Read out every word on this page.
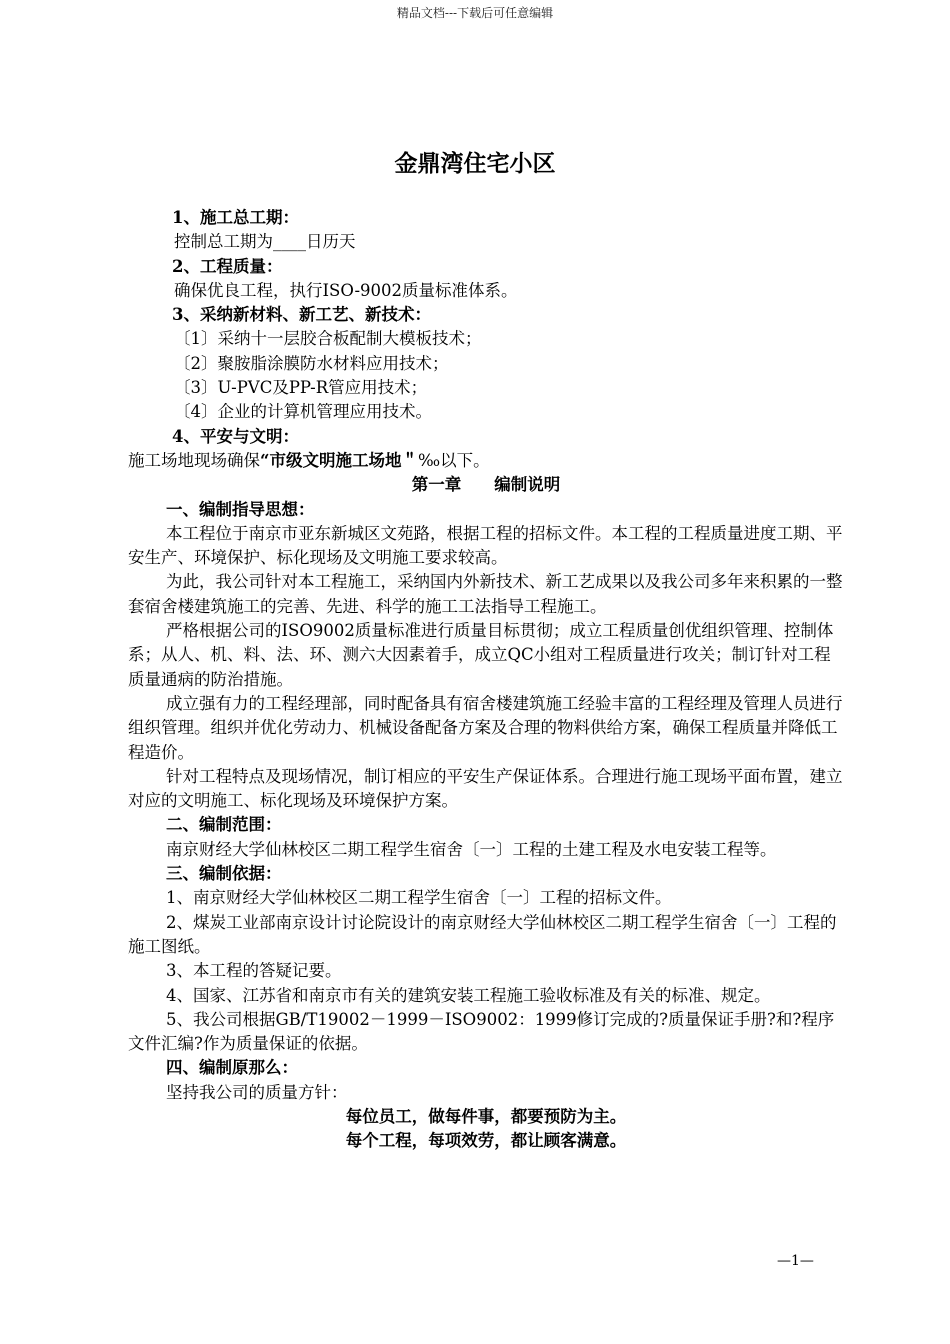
精品文档---下载后可任意编辑
金鼎湾住宅小区

1、施工总工期：

控制总工期为____日历天

2、工程质量：

确保优良工程，执行ISO-9002质量标准体系。

3、采纳新材料、新工艺、新技术：

〔1〕采纳十一层胶合板配制大模板技术；

〔2〕聚胺脂涂膜防水材料应用技术；

〔3〕U-PVC及PP-R管应用技术；

〔4〕企业的计算机管理应用技术。

4、平安与文明：

施工场地现场确保“市级文明施工场地＂‰以下。

第一章　　编制说明

一、编制指导思想：

本工程位于南京市亚东新城区文苑路，根据工程的招标文件。本工程的工程质量进度工期、平安生产、环境保护、标化现场及文明施工要求较高。

为此，我公司针对本工程施工，采纳国内外新技术、新工艺成果以及我公司多年来积累的一整套宿舍楼建筑施工的完善、先进、科学的施工工法指导工程施工。

严格根据公司的ISO9002质量标准进行质量目标贯彻；成立工程质量创优组织管理、控制体系；从人、机、料、法、环、测六大因素着手，成立QC小组对工程质量进行攻关；制订针对工程质量通病的防治措施。

成立强有力的工程经理部，同时配备具有宿舍楼建筑施工经验丰富的工程经理及管理人员进行组织管理。组织并优化劳动力、机械设备配备方案及合理的物料供给方案，确保工程质量并降低工程造价。

针对工程特点及现场情况，制订相应的平安生产保证体系。合理进行施工现场平面布置，建立对应的文明施工、标化现场及环境保护方案。

二、编制范围：

南京财经大学仙林校区二期工程学生宿舍〔一〕工程的土建工程及水电安装工程等。

三、编制依据：

1、南京财经大学仙林校区二期工程学生宿舍〔一〕工程的招标文件。

2、煤炭工业部南京设计讨论院设计的南京财经大学仙林校区二期工程学生宿舍〔一〕工程的施工图纸。

3、本工程的答疑记要。

4、国家、江苏省和南京市有关的建筑安装工程施工验收标准及有关的标准、规定。

5、我公司根据GB/T19002－1999－ISO9002：1999修订完成的?质量保证手册?和?程序文件汇编?作为质量保证的依据。

四、编制原那么：

坚持我公司的质量方针：

每位员工，做每件事，都要预防为主。

每个工程，每项效劳，都让顾客满意。

—1—
